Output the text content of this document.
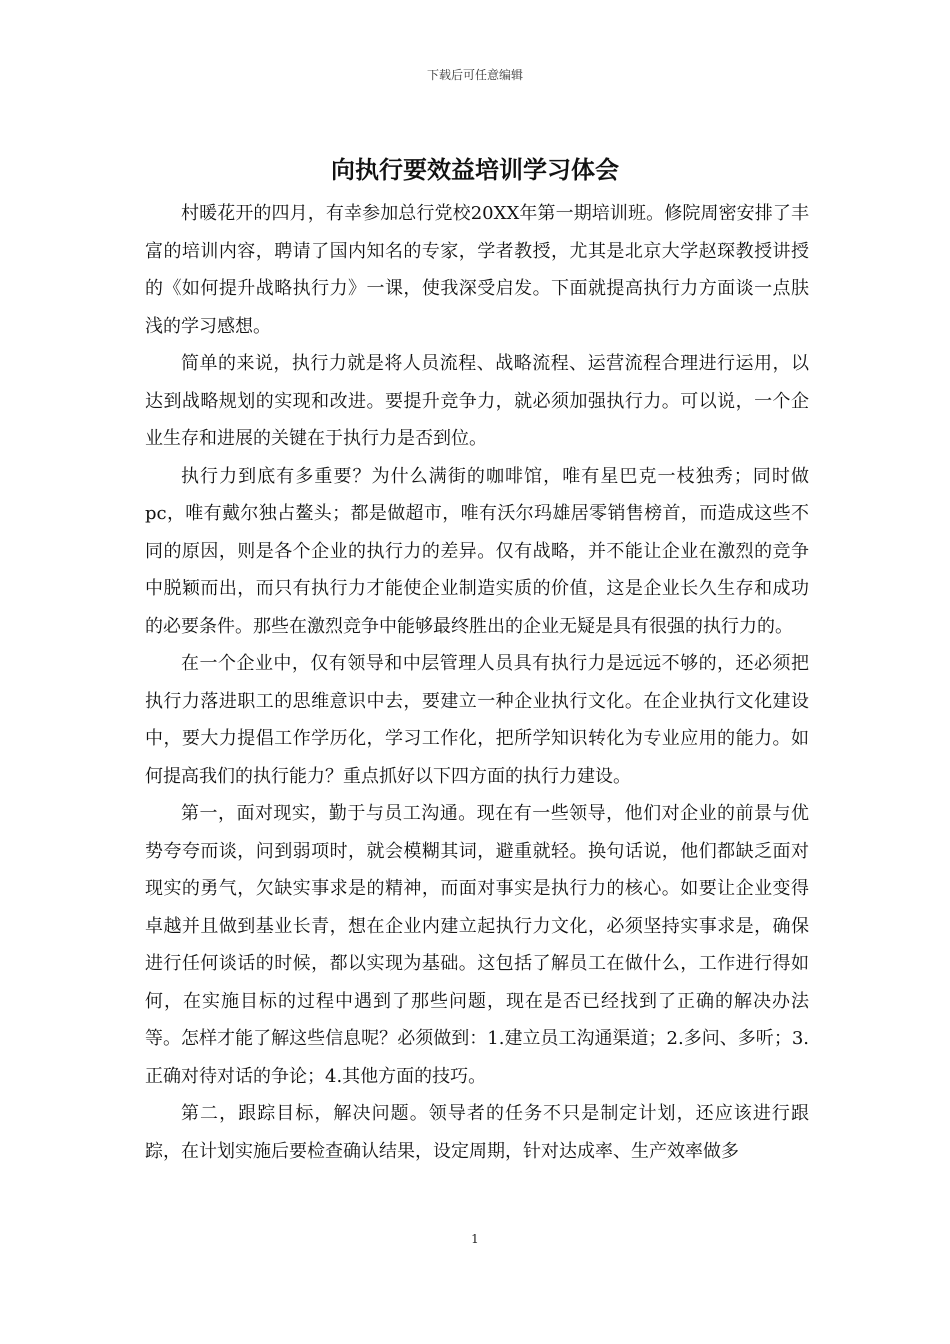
下载后可任意编辑
向执行要效益培训学习体会

村暖花开的四月，有幸参加总行党校20XX年第一期培训班。修院周密安排了丰富的培训内容，聘请了国内知名的专家，学者教授，尤其是北京大学赵琛教授讲授的《如何提升战略执行力》一课，使我深受启发。下面就提高执行力方面谈一点肤浅的学习感想。

简单的来说，执行力就是将人员流程、战略流程、运营流程合理进行运用，以达到战略规划的实现和改进。要提升竞争力，就必须加强执行力。可以说，一个企业生存和进展的关键在于执行力是否到位。

执行力到底有多重要？为什么满街的咖啡馆，唯有星巴克一枝独秀；同时做pc，唯有戴尔独占鳌头；都是做超市，唯有沃尔玛雄居零销售榜首，而造成这些不同的原因，则是各个企业的执行力的差异。仅有战略，并不能让企业在激烈的竞争中脱颖而出，而只有执行力才能使企业制造实质的价值，这是企业长久生存和成功的必要条件。那些在激烈竞争中能够最终胜出的企业无疑是具有很强的执行力的。

在一个企业中，仅有领导和中层管理人员具有执行力是远远不够的，还必须把执行力落进职工的思维意识中去，要建立一种企业执行文化。在企业执行文化建设中，要大力提倡工作学历化，学习工作化，把所学知识转化为专业应用的能力。如何提高我们的执行能力？重点抓好以下四方面的执行力建设。

第一，面对现实，勤于与员工沟通。现在有一些领导，他们对企业的前景与优势夸夸而谈，问到弱项时，就会模糊其词，避重就轻。换句话说，他们都缺乏面对现实的勇气，欠缺实事求是的精神，而面对事实是执行力的核心。如要让企业变得卓越并且做到基业长青，想在企业内建立起执行力文化，必须坚持实事求是，确保进行任何谈话的时候，都以实现为基础。这包括了解员工在做什么，工作进行得如何，在实施目标的过程中遇到了那些问题，现在是否已经找到了正确的解决办法等。怎样才能了解这些信息呢？必须做到：1.建立员工沟通渠道；2.多问、多听；3.正确对待对话的争论；4.其他方面的技巧。

第二，跟踪目标，解决问题。领导者的任务不只是制定计划，还应该进行跟踪，在计划实施后要检查确认结果，设定周期，针对达成率、生产效率做多

1
